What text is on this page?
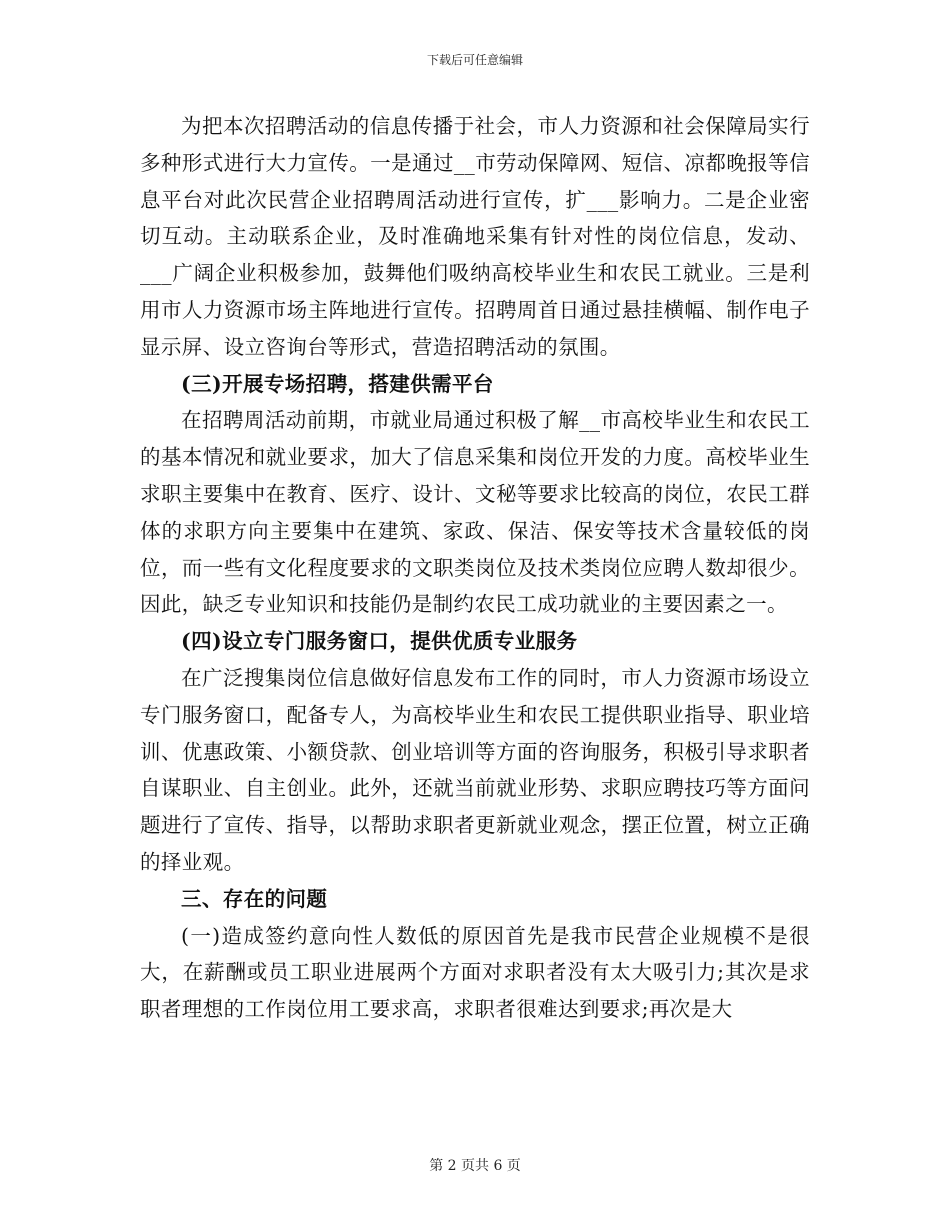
下载后可任意编辑

为把本次招聘活动的信息传播于社会，市人力资源和社会保障局实行多种形式进行大力宣传。一是通过__市劳动保障网、短信、凉都晚报等信息平台对此次民营企业招聘周活动进行宣传，扩___影响力。二是企业密切互动。主动联系企业，及时准确地采集有针对性的岗位信息，发动、___广阔企业积极参加，鼓舞他们吸纳高校毕业生和农民工就业。三是利用市人力资源市场主阵地进行宣传。招聘周首日通过悬挂横幅、制作电子显示屏、设立咨询台等形式，营造招聘活动的氛围。

(三)开展专场招聘，搭建供需平台

在招聘周活动前期，市就业局通过积极了解__市高校毕业生和农民工的基本情况和就业要求，加大了信息采集和岗位开发的力度。高校毕业生求职主要集中在教育、医疗、设计、文秘等要求比较高的岗位，农民工群体的求职方向主要集中在建筑、家政、保洁、保安等技术含量较低的岗位，而一些有文化程度要求的文职类岗位及技术类岗位应聘人数却很少。因此，缺乏专业知识和技能仍是制约农民工成功就业的主要因素之一。

(四)设立专门服务窗口，提供优质专业服务

在广泛搜集岗位信息做好信息发布工作的同时，市人力资源市场设立专门服务窗口，配备专人，为高校毕业生和农民工提供职业指导、职业培训、优惠政策、小额贷款、创业培训等方面的咨询服务，积极引导求职者自谋职业、自主创业。此外，还就当前就业形势、求职应聘技巧等方面问题进行了宣传、指导，以帮助求职者更新就业观念，摆正位置，树立正确的择业观。

三、存在的问题

(一)造成签约意向性人数低的原因首先是我市民营企业规模不是很大，在薪酬或员工职业进展两个方面对求职者没有太大吸引力;其次是求职者理想的工作岗位用工要求高，求职者很难达到要求;再次是大

第 2 页共 6 页
